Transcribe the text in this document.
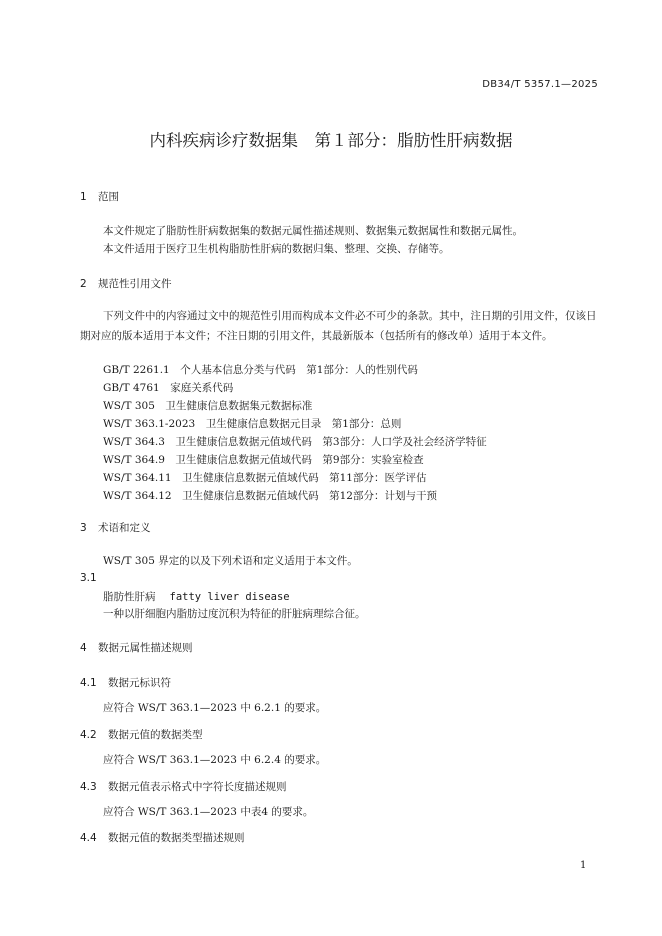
DB34/T 5357.1—2025
内科疾病诊疗数据集　第１部分：脂肪性肝病数据
1 范围
本文件规定了脂肪性肝病数据集的数据元属性描述规则、数据集元数据属性和数据元属性。
本文件适用于医疗卫生机构脂肪性肝病的数据归集、整理、交换、存储等。
2 规范性引用文件
下列文件中的内容通过文中的规范性引用而构成本文件必不可少的条款。其中，注日期的引用文件，仅该日期对应的版本适用于本文件；不注日期的引用文件，其最新版本（包括所有的修改单）适用于本文件。
GB/T 2261.1　个人基本信息分类与代码　第1部分：人的性别代码
GB/T 4761　家庭关系代码
WS/T 305　卫生健康信息数据集元数据标准
WS/T 363.1-2023　卫生健康信息数据元目录　第1部分：总则
WS/T 364.3　卫生健康信息数据元值域代码　第3部分：人口学及社会经济学特征
WS/T 364.9　卫生健康信息数据元值域代码　第9部分：实验室检查
WS/T 364.11　卫生健康信息数据元值域代码　第11部分：医学评估
WS/T 364.12　卫生健康信息数据元值域代码　第12部分：计划与干预
3 术语和定义
WS/T 305 界定的以及下列术语和定义适用于本文件。
3.1
脂肪性肝病 fatty liver disease
一种以肝细胞内脂肪过度沉积为特征的肝脏病理综合征。
4 数据元属性描述规则
4.1 数据元标识符
应符合 WS/T 363.1—2023 中 6.2.1 的要求。
4.2 数据元值的数据类型
应符合 WS/T 363.1—2023 中 6.2.4 的要求。
4.3 数据元值表示格式中字符长度描述规则
应符合 WS/T 363.1—2023 中表4 的要求。
4.4 数据元值的数据类型描述规则
1
